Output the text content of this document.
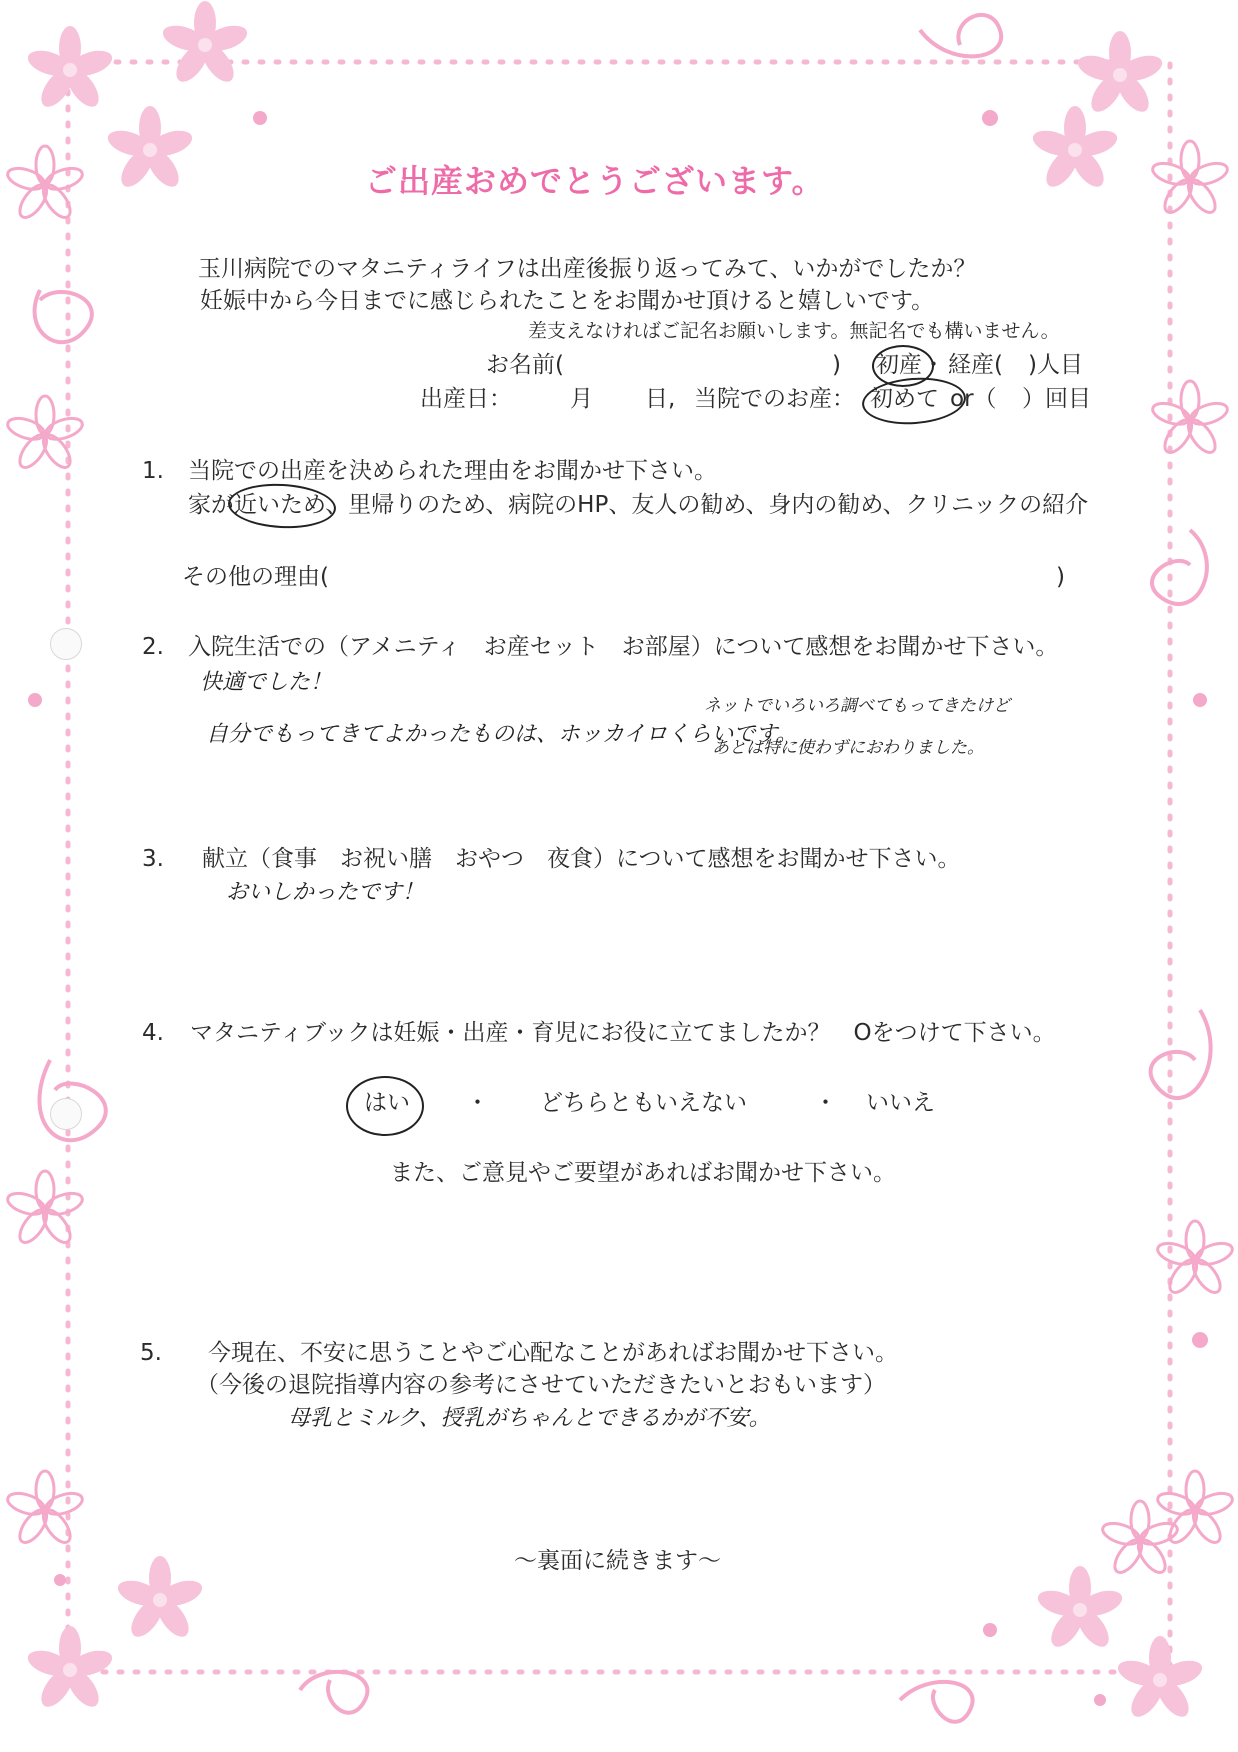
ご出産おめでとうございます。
玉川病院でのマタニティライフは出産後振り返ってみて、いかがでしたか？
妊娠中から今日までに感じられたことをお聞かせ頂けると嬉しいです。
差支えなければご記名お願いします。無記名でも構いません。
お名前(	) 初産 ・ 経産( )人目
出産日：	月 日, 当院でのお産： 初めて or（ ）回目
1. 当院での出産を決められた理由をお聞かせ下さい。
家が近いため、里帰りのため、病院のHP、友人の勧め、身内の勧め、クリニックの紹介
その他の理由(	)
2. 入院生活での（アメニティ　お産セット　お部屋）について感想をお聞かせ下さい。
快適でした！
自分でもってきてよかったものは、ホッカイロくらいです。
ネットでいろいろ調べてもってきたけど
あとは特に使わずにおわりました。
3. 献立（食事　お祝い膳　おやつ　夜食）について感想をお聞かせ下さい。
おいしかったです！
4. マタニティブックは妊娠・出産・育児にお役に立てましたか？　Oをつけて下さい。
はい ・ どちらともいえない	・ いいえ
また、ご意見やご要望があればお聞かせ下さい。
5. 今現在、不安に思うことやご心配なことがあればお聞かせ下さい。
（今後の退院指導内容の参考にさせていただきたいとおもいます）
母乳とミルク、授乳がちゃんとできるかが不安。
～裏面に続きます～
